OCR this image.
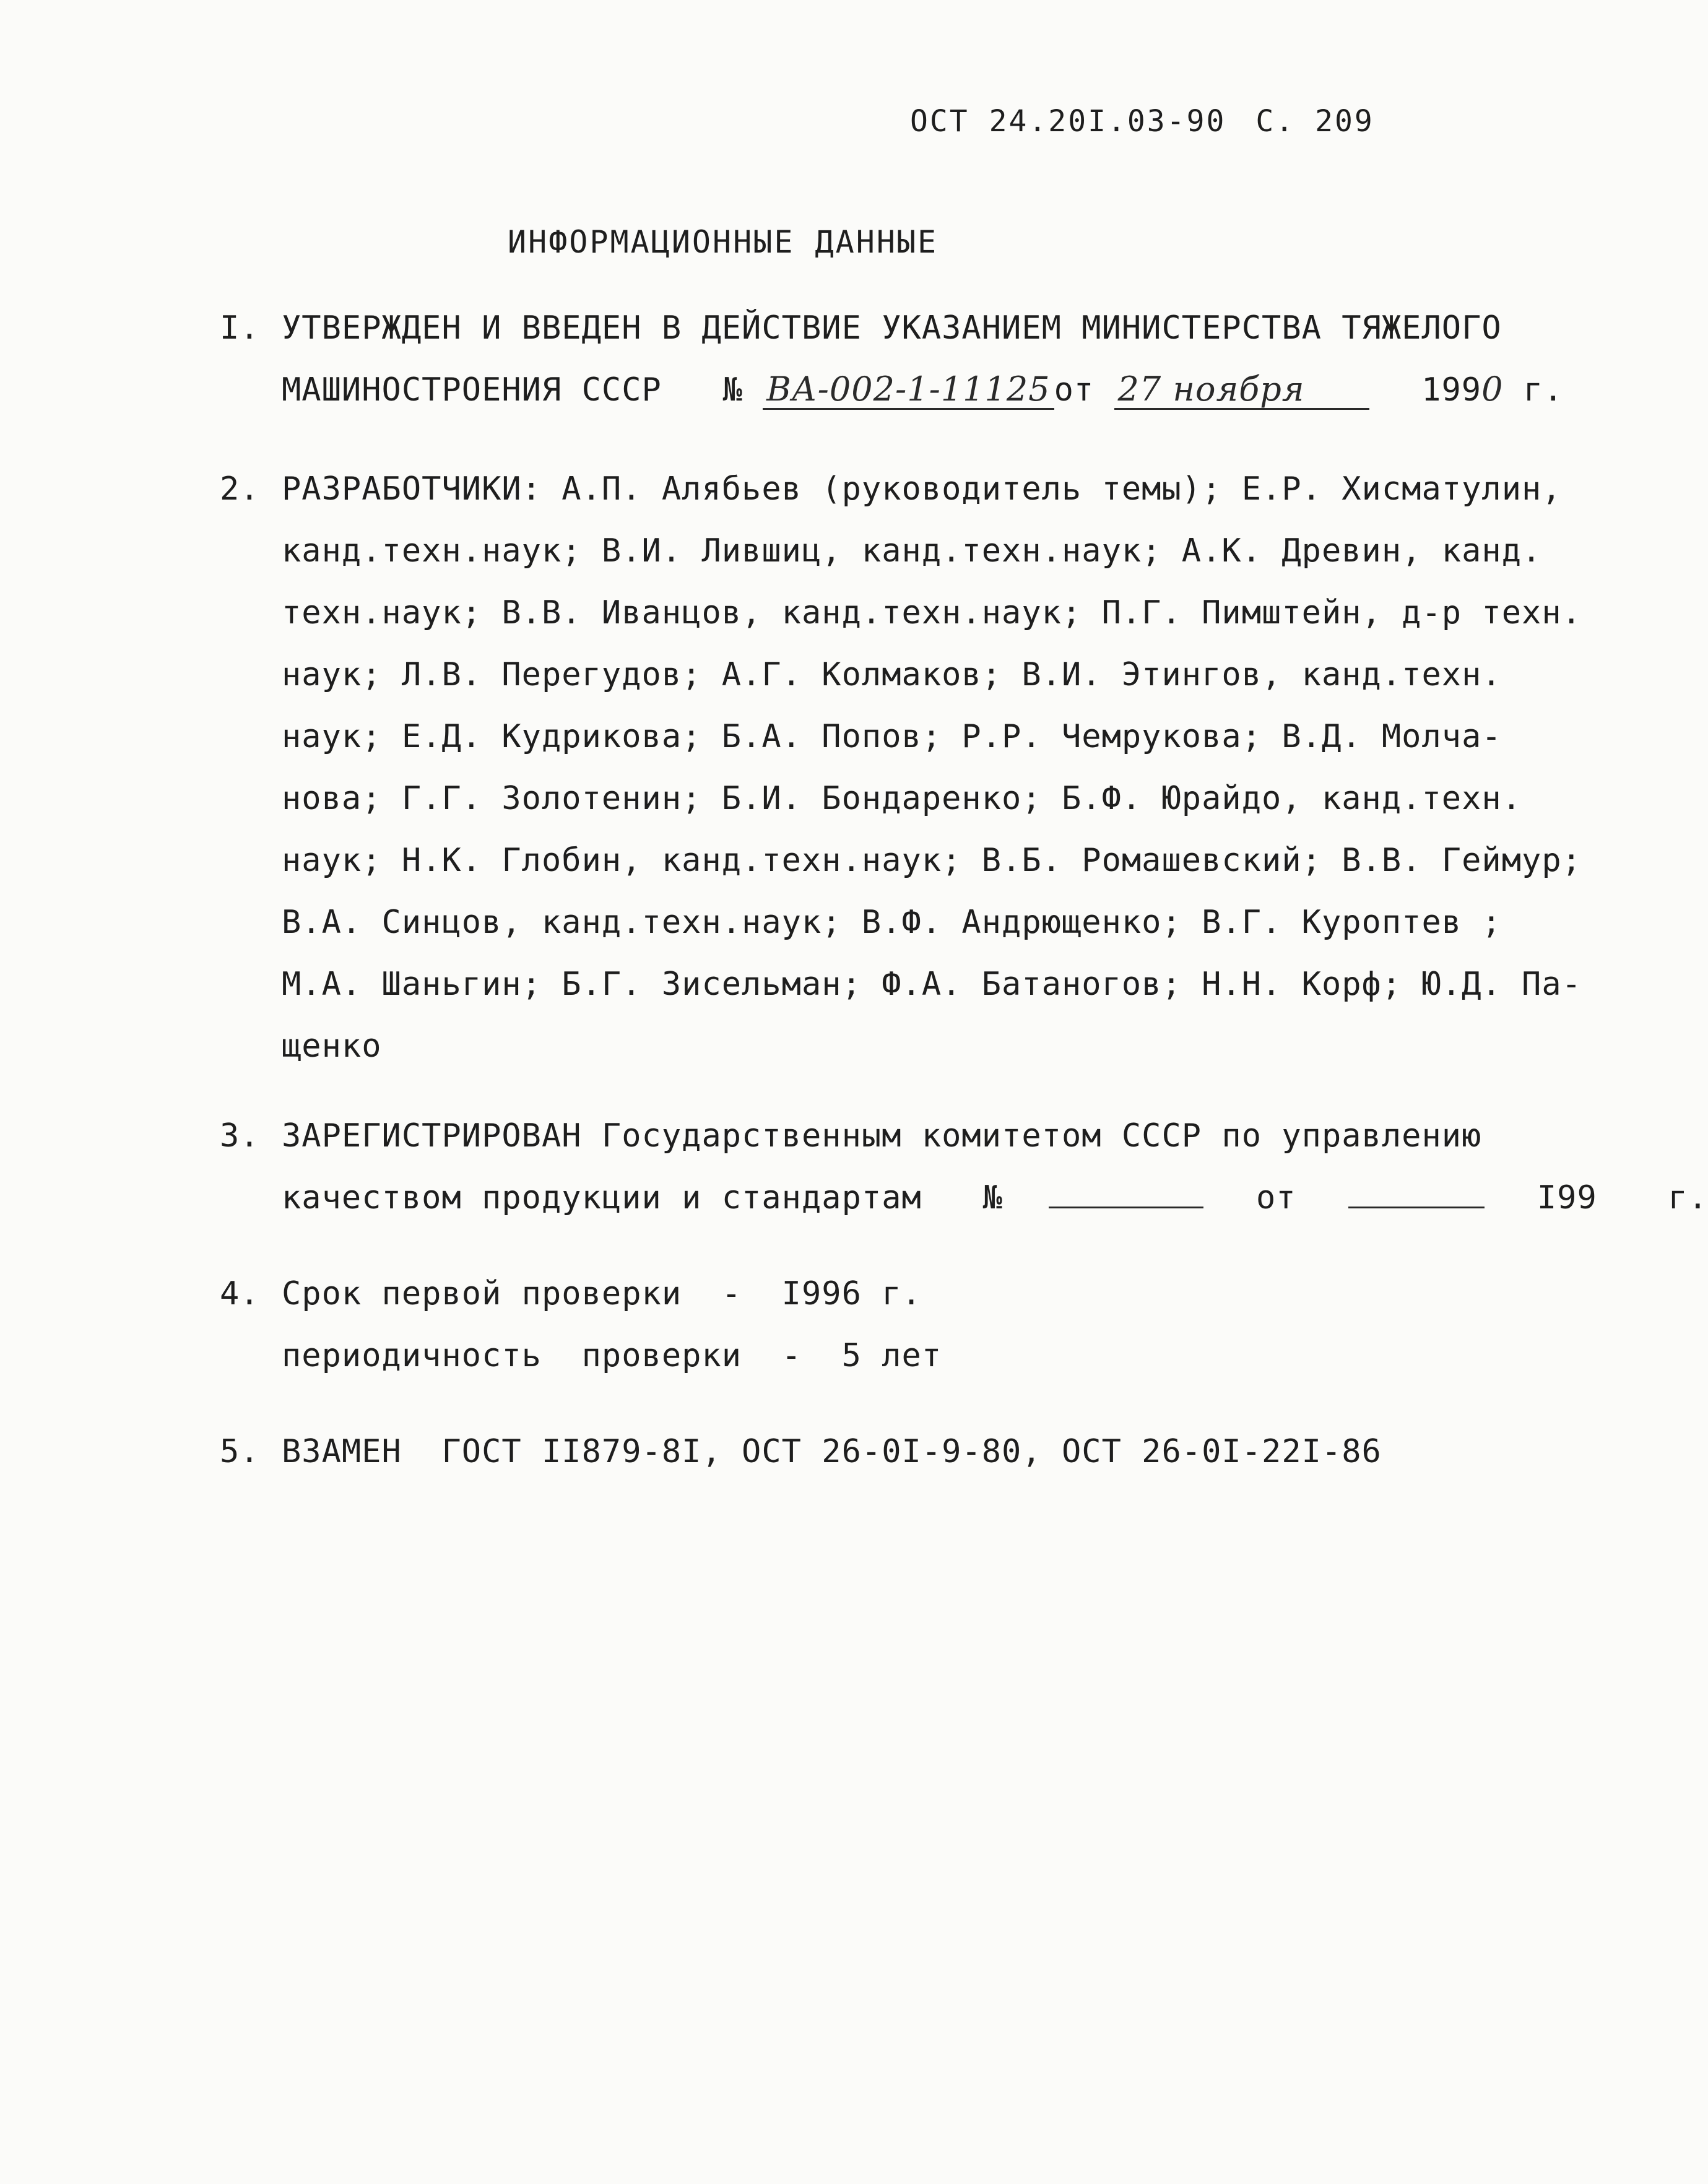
ОСТ 24.20I.03-90 С. 209
ИНФОРМАЦИОННЫЕ ДАННЫЕ
I. УТВЕРЖДЕН И ВВЕДЕН В ДЕЙСТВИЕ УКАЗАНИЕМ МИНИСТЕРСТВА ТЯЖЕЛОГО
МАШИНОСТРОЕНИЯ СССР № ВА-002-1-11125 от 27 ноября	1990 г.
2. РАЗРАБОТЧИКИ: А.П. Алябьев (руководитель темы); Е.Р. Хисматулин,
канд.техн.наук; В.И. Лившиц, канд.техн.наук; А.К. Древин, канд.
техн.наук; В.В. Иванцов, канд.техн.наук; П.Г. Пимштейн, д-р техн.
наук; Л.В. Перегудов; А.Г. Колмаков; В.И. Этингов, канд.техн.
наук; Е.Д. Кудрикова; Б.А. Попов; Р.Р. Чемрукова; В.Д. Молча-
нова; Г.Г. Золотенин; Б.И. Бондаренко; Б.Ф. Юрайдо, канд.техн.
наук; Н.К. Глобин, канд.техн.наук; В.Б. Ромашевский; В.В. Геймур;
В.А. Синцов, канд.техн.наук; В.Ф. Андрющенко; В.Г. Куроптев ;
М.А. Шаньгин; Б.Г. Зисельман; Ф.А. Батаногов; Н.Н. Корф; Ю.Д. Па-
щенко
3. ЗАРЕГИСТРИРОВАН Государственным комитетом СССР по управлению
качеством продукции и стандартам №	от	I99 г.
4. Срок первой проверки  -  I996 г.
периодичность  проверки  -  5 лет
5. ВЗАМЕН  ГОСТ II879-8I, ОСТ 26-0I-9-80, ОСТ 26-0I-22I-86
